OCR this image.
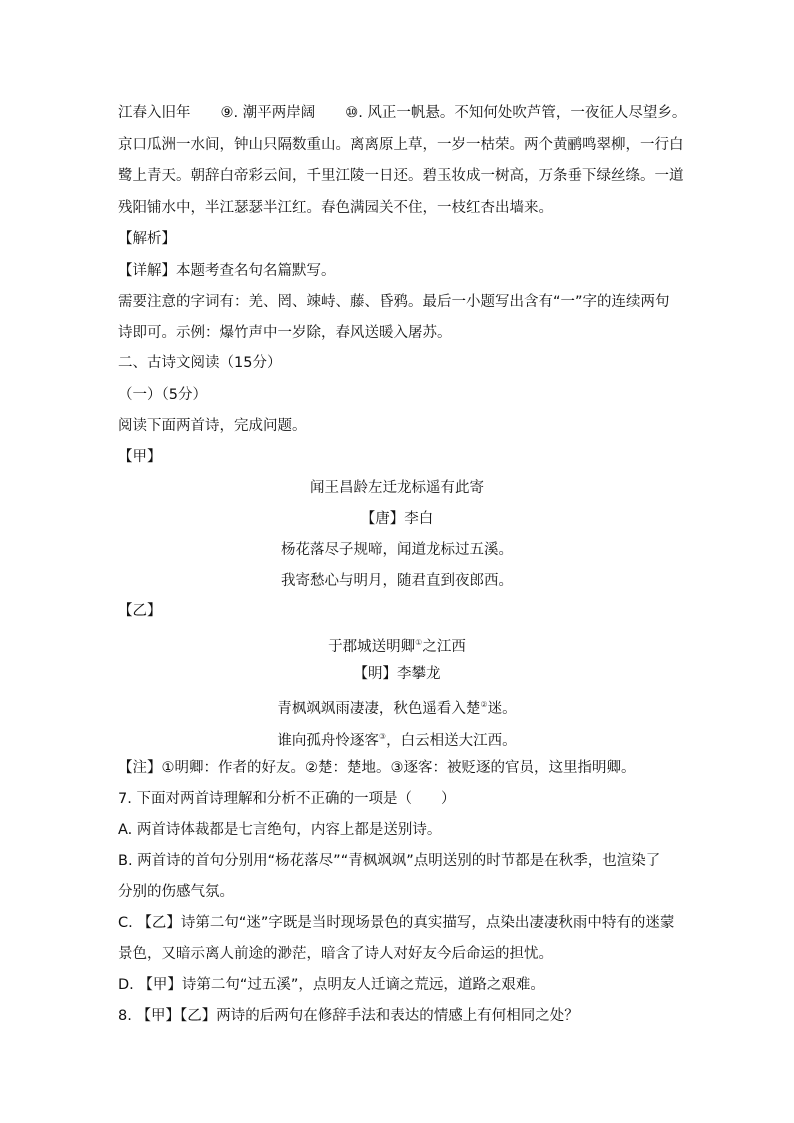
江春入旧年 ⑨. 潮平两岸阔 ⑩. 风正一帆悬。不知何处吹芦管，一夜征人尽望乡。
京口瓜洲一水间，钟山只隔数重山。离离原上草，一岁一枯荣。两个黄鹂鸣翠柳，一行白
鹭上青天。朝辞白帝彩云间，千里江陵一日还。碧玉妆成一树高，万条垂下绿丝绦。一道
残阳铺水中，半江瑟瑟半江红。春色满园关不住，一枝红杏出墙来。
【解析】
【详解】本题考查名句名篇默写。
需要注意的字词有：羌、罔、竦峙、藤、昏鸦。最后一小题写出含有“一”字的连续两句
诗即可。示例：爆竹声中一岁除，春风送暖入屠苏。
二、古诗文阅读（15分）
（一）（5分）
阅读下面两首诗，完成问题。
【甲】
闻王昌龄左迁龙标遥有此寄
【唐】李白
杨花落尽子规啼，闻道龙标过五溪。
我寄愁心与明月，随君直到夜郎西。
【乙】
于郡城送明卿①之江西
【明】李攀龙
青枫飒飒雨凄凄，秋色遥看入楚②迷。
谁向孤舟怜逐客③，白云相送大江西。
【注】①明卿：作者的好友。②楚：楚地。③逐客：被贬逐的官员，这里指明卿。
7. 下面对两首诗理解和分析不正确的一项是（　　）
A. 两首诗体裁都是七言绝句，内容上都是送别诗。
B. 两首诗的首句分别用“杨花落尽”“青枫飒飒”点明送别的时节都是在秋季，也渲染了
分别的伤感气氛。
C. 【乙】诗第二句“迷”字既是当时现场景色的真实描写，点染出凄凄秋雨中特有的迷蒙
景色，又暗示离人前途的渺茫，暗含了诗人对好友今后命运的担忧。
D. 【甲】诗第二句“过五溪”，点明友人迁谪之荒远，道路之艰难。
8. 【甲】【乙】两诗的后两句在修辞手法和表达的情感上有何相同之处？
